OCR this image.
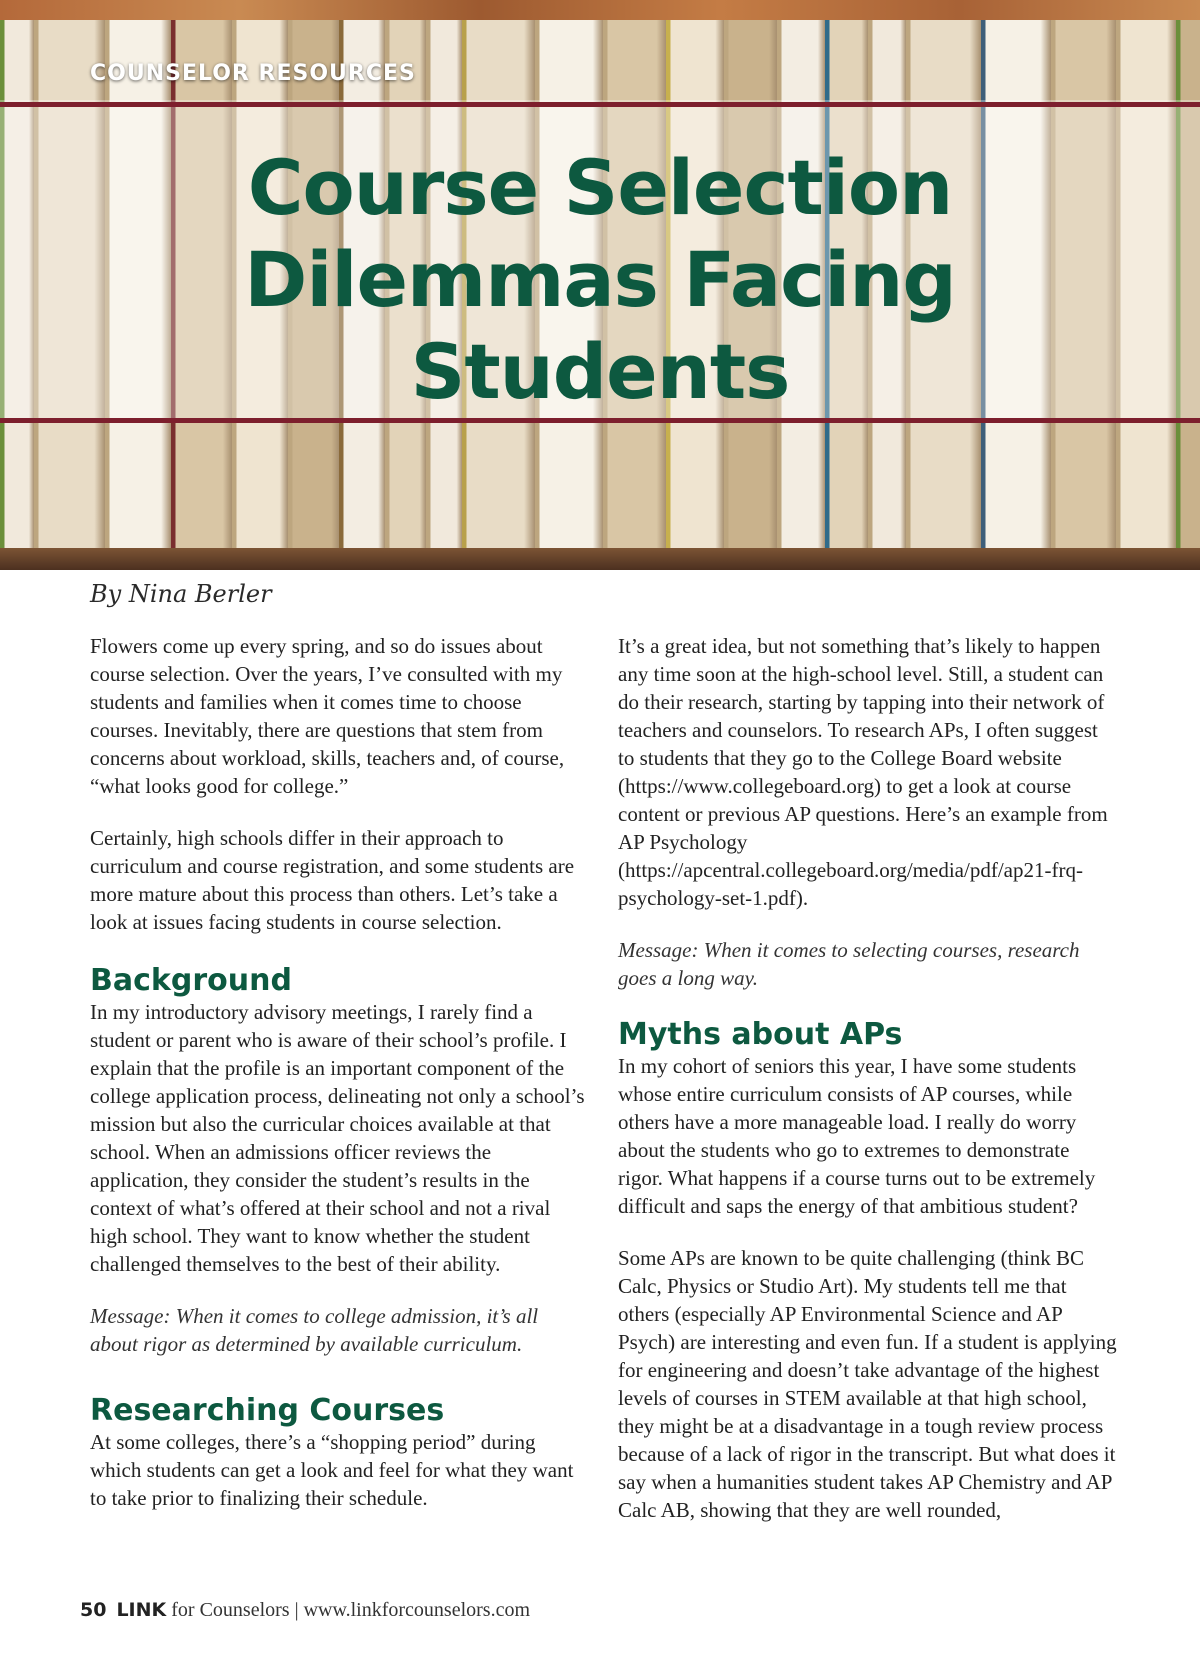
COUNSELOR RESOURCES

Course Selection
Dilemmas Facing
Students

By Nina Berler

Flowers come up every spring, and so do issues about course selection. Over the years, I’ve consulted with my students and families when it comes time to choose courses. Inevitably, there are questions that stem from concerns about workload, skills, teachers and, of course, “what looks good for college.”

Certainly, high schools differ in their approach to curriculum and course registration, and some students are more mature about this process than others. Let’s take a look at issues facing students in course selection.

Background

In my introductory advisory meetings, I rarely find a student or parent who is aware of their school’s profile. I explain that the profile is an important component of the college application process, delineating not only a school’s mission but also the curricular choices available at that school. When an admissions officer reviews the application, they consider the student’s results in the context of what’s offered at their school and not a rival high school. They want to know whether the student challenged themselves to the best of their ability.

Message: When it comes to college admission, it’s all about rigor as determined by available curriculum.

Researching Courses

At some colleges, there’s a “shopping period” during which students can get a look and feel for what they want to take prior to finalizing their schedule.

It’s a great idea, but not something that’s likely to happen any time soon at the high-school level. Still, a student can do their research, starting by tapping into their network of teachers and counselors. To research APs, I often suggest to students that they go to the College Board website (https://www.collegeboard.org) to get a look at course content or previous AP questions. Here’s an example from AP Psychology (https://apcentral.collegeboard.org/media/pdf/ap21-frq-psychology-set-1.pdf).

Message: When it comes to selecting courses, research goes a long way.

Myths about APs

In my cohort of seniors this year, I have some students whose entire curriculum consists of AP courses, while others have a more manageable load. I really do worry about the students who go to extremes to demonstrate rigor. What happens if a course turns out to be extremely difficult and saps the energy of that ambitious student?

Some APs are known to be quite challenging (think BC Calc, Physics or Studio Art). My students tell me that others (especially AP Environmental Science and AP Psych) are interesting and even fun. If a student is applying for engineering and doesn’t take advantage of the highest levels of courses in STEM available at that high school, they might be at a disadvantage in a tough review process because of a lack of rigor in the transcript. But what does it say when a humanities student takes AP Chemistry and AP Calc AB, showing that they are well rounded,

50 LINK for Counselors | www.linkforcounselors.com
